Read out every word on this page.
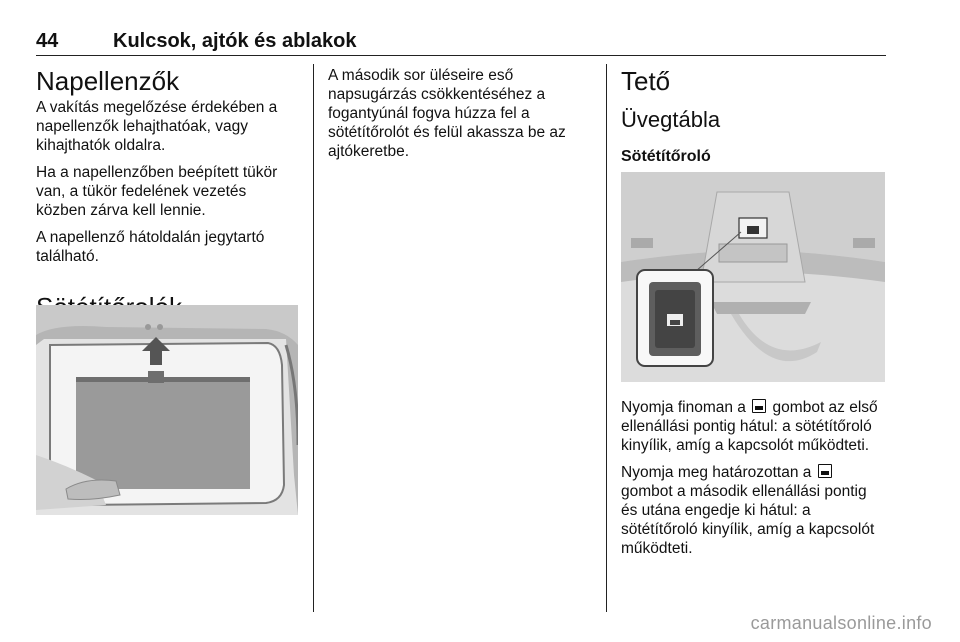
44	Kulcsok, ajtók és ablakok
Napellenzők

A vakítás megelőzése érdekében a napellenzők lehajthatóak, vagy kihajthatók oldalra.

Ha a napellenzőben beépített tükör van, a tükör fedelének vezetés közben zárva kell lennie.

A napellenző hátoldalán jegytartó található.

A második sor üléseire eső napsugárzás csökkentéséhez a fogantyúnál fogva húzza fel a sötétítőrolót és felül akassza be az ajtókeretbe.

Tető
Üvegtábla
Sötétítőroló

Nyomja finoman a gombot az első ellenállási pontig hátul: a sötétítőroló kinyílik, amíg a kapcsolót működteti.

Nyomja meg határozottan a  gombot a második ellenállási pontig és utána engedje ki hátul: a sötétítőroló kinyílik, amíg a kapcsolót működteti.

carmanualsonline.info
